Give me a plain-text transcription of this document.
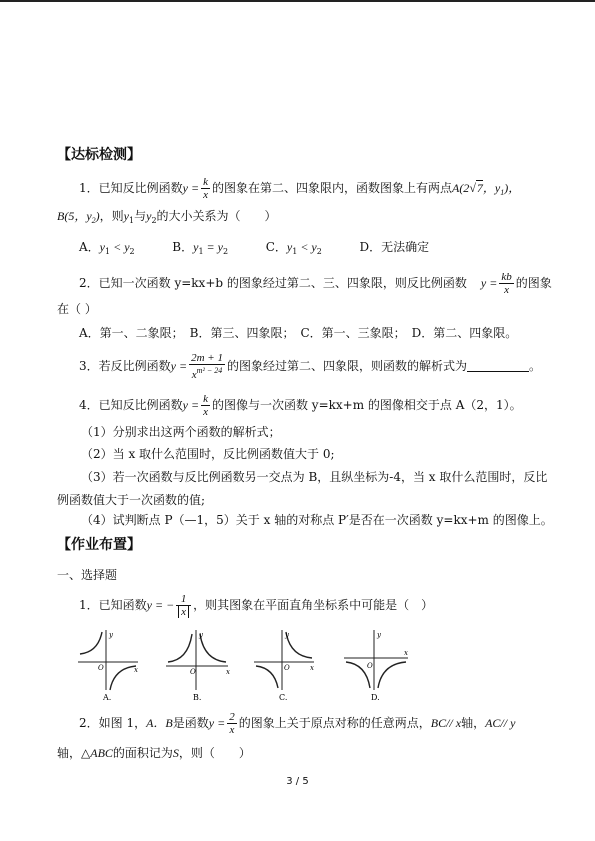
【达标检测】
1．已知反比例函数$y = \frac{k}{x}$ 的图象在第二、四象限内，函数图象上有两点A(2√7，$y_1$)，
B(5，$y_2$)，则$y_1$与$y_2$的大小关系为（　　）
A．$y_1 < y_2$	B．$y_1 = y_2$	C．$y_1 < y_2$	D．无法确定
2．已知一次函数 y=kx+b 的图象经过第二、三、四象限，则反比例函数 $y = \frac{kb}{x}$ 的图象
在（ ）
A．第一、二象限；　B．第三、四象限；　C．第一、三象限；　D．第二、四象限。
3．若反比例函数$y = \frac{2m + 1}{x^{m^2 - 24}}$ 的图象经过第二、四象限，则函数的解析式为	。
4．已知反比例函数$y = \frac{k}{x}$ 的图像与一次函数 y=kx+m 的图像相交于点 A（2，1）。
（1）分别求出这两个函数的解析式；
（2）当 x 取什么范围时，反比例函数值大于 0;
（3）若一次函数与反比例函数另一交点为 B，且纵坐标为-4，当 x 取什么范围时，反比
例函数值大于一次函数的值;
（4）试判断点 P（—1，5）关于 x 轴的对称点 P′是否在一次函数 y=kx+m 的图像上。
【作业布置】
一、选择题
1．已知函数y = − $\frac{1}{x}$ ，则其图象在平面直角坐标系中可能是（　）
y
x
O
A.
y
x
O
B.
y
x
O
C.
y
x
O
D.
2．如图 1，A．B是函数$y = \frac{2}{x}$ 的图象上关于原点对称的任意两点，BC// x轴，AC// y
轴，△ABC的面积记为S，则（　　）
3 / 5
